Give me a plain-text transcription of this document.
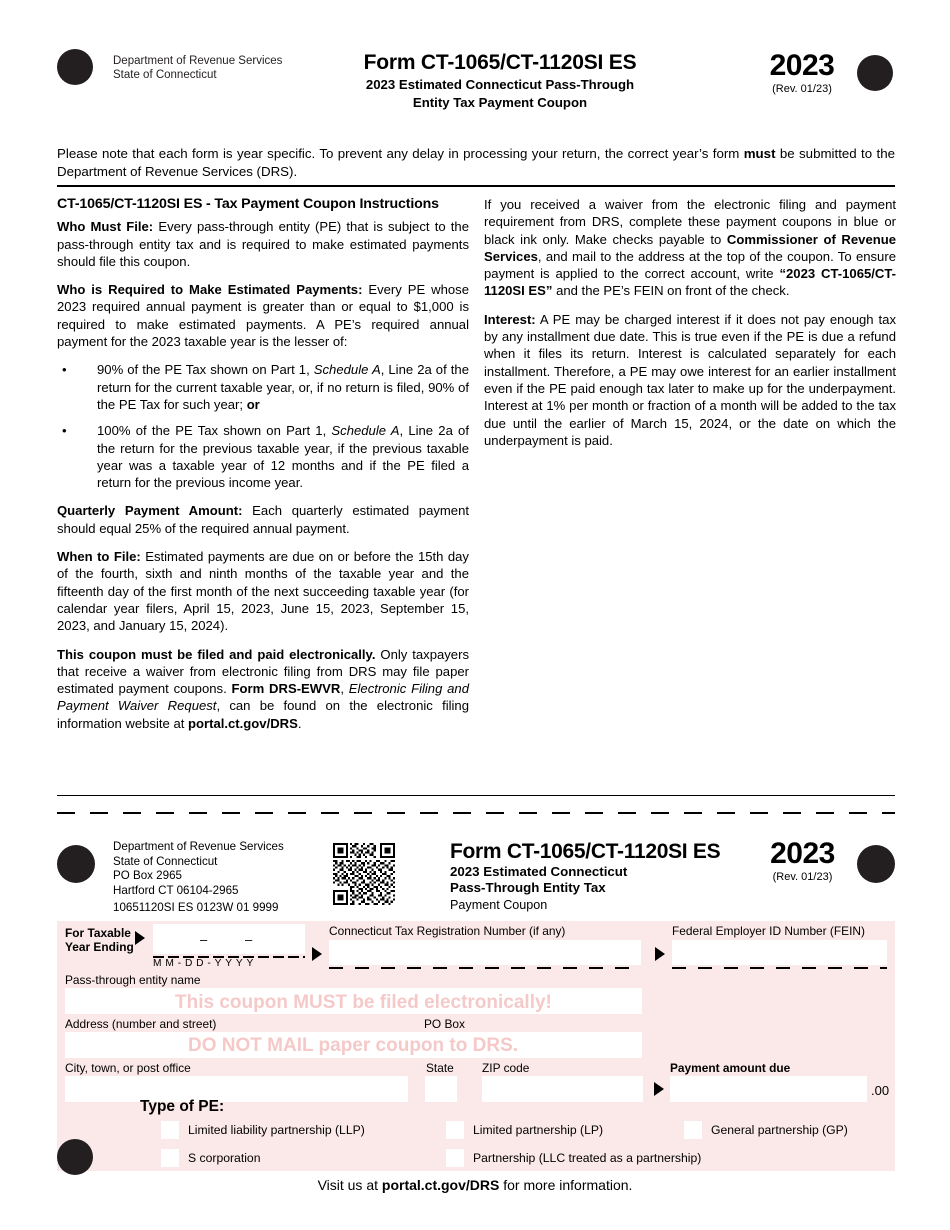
Department of Revenue Services
State of Connecticut
Form CT-1065/CT-1120SI ES
2023 Estimated Connecticut Pass-Through
Entity Tax Payment Coupon
2023
(Rev. 01/23)
Please note that each form is year specific. To prevent any delay in processing your return, the correct year’s form must be submitted to the Department of Revenue Services (DRS).
CT-1065/CT-1120SI ES - Tax Payment Coupon Instructions

Who Must File: Every pass-through entity (PE) that is subject to the pass-through entity tax and is required to make estimated payments should file this coupon.

Who is Required to Make Estimated Payments: Every PE whose 2023 required annual payment is greater than or equal to $1,000 is required to make estimated payments. A PE’s required annual payment for the 2023 taxable year is the lesser of:

• 90% of the PE Tax shown on Part 1, Schedule A, Line 2a of the return for the current taxable year, or, if no return is filed, 90% of the PE Tax for such year; or
• 100% of the PE Tax shown on Part 1, Schedule A, Line 2a of the return for the previous taxable year, if the previous taxable year was a taxable year of 12 months and if the PE filed a return for the previous income year.

Quarterly Payment Amount: Each quarterly estimated payment should equal 25% of the required annual payment.

When to File: Estimated payments are due on or before the 15th day of the fourth, sixth and ninth months of the taxable year and the fifteenth day of the first month of the next succeeding taxable year (for calendar year filers, April 15, 2023, June 15, 2023, September 15, 2023, and January 15, 2024).

This coupon must be filed and paid electronically. Only taxpayers that receive a waiver from electronic filing from DRS may file paper estimated payment coupons. Form DRS-EWVR, Electronic Filing and Payment Waiver Request, can be found on the electronic filing information website at portal.ct.gov/DRS.

If you received a waiver from the electronic filing and payment requirement from DRS, complete these payment coupons in blue or black ink only. Make checks payable to Commissioner of Revenue Services, and mail to the address at the top of the coupon. To ensure payment is applied to the correct account, write “2023 CT-1065/CT-1120SI ES” and the PE’s FEIN on front of the check.

Interest: A PE may be charged interest if it does not pay enough tax by any installment due date. This is true even if the PE is due a refund when it files its return. Interest is calculated separately for each installment. Therefore, a PE may owe interest for an earlier installment even if the PE paid enough tax later to make up for the underpayment. Interest at 1% per month or fraction of a month will be added to the tax due until the earlier of March 15, 2024, or the date on which the underpayment is paid.

Department of Revenue Services
State of Connecticut
PO Box 2965
Hartford CT 06104-2965
10651120SI ES 0123W 01 9999
Form CT-1065/CT-1120SI ES
2023 Estimated Connecticut
Pass-Through Entity Tax
Payment Coupon
2023
(Rev. 01/23)
For Taxable
Year Ending	–	–
M M - D D - Y Y Y Y
Connecticut Tax Registration Number (if any)	Federal Employer ID Number (FEIN)
Pass-through entity name
This coupon MUST be filed electronically!
Address (number and street)	PO Box
DO NOT MAIL paper coupon to DRS.
City, town, or post office	State ZIP code	Payment amount due
.00
Type of PE:
Limited liability partnership (LLP)	Limited partnership (LP)	General partnership (GP)
S corporation	Partnership (LLC treated as a partnership)
Visit us at portal.ct.gov/DRS for more information.
